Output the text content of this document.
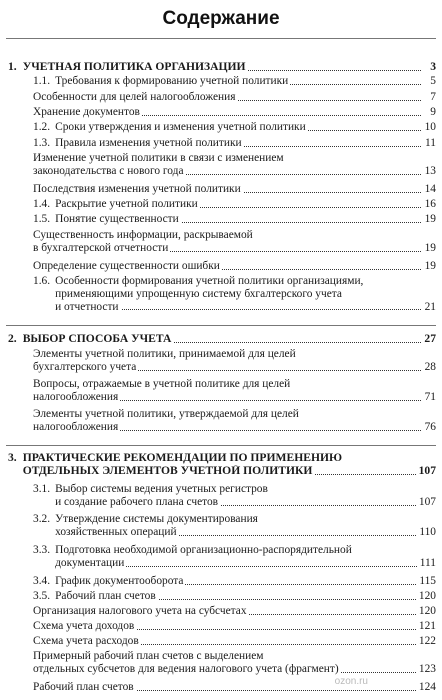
Содержание
1. УЧЕТНАЯ ПОЛИТИКА ОРГАНИЗАЦИИ	3
1.1. Требования к формированию учетной политики	5
Особенности для целей налогообложения	7
Хранение документов	9
1.2. Сроки утверждения и изменения учетной политики	10
1.3. Правила изменения учетной политики	11
Изменение учетной политики в связи с изменением
законодательства с нового года	13
Последствия изменения учетной политики	14
1.4. Раскрытие учетной политики	16
1.5. Понятие существенности	19
Существенность информации, раскрываемой
в бухгалтерской отчетности	19
Определение существенности ошибки	19
1.6. Особенности формирования учетной политики организациями,
применяющими упрощенную систему бхгалтерского учета
и отчетности	21
2. ВЫБОР СПОСОБА УЧЕТА	27
Элементы учетной политики, принимаемой для целей
бухгалтерского учета	28
Вопросы, отражаемые в учетной политике для целей
налогообложения	71
Элементы учетной политики, утверждаемой для целей
налогообложения	76
3. ПРАКТИЧЕСКИЕ РЕКОМЕНДАЦИИ ПО ПРИМЕНЕНИЮ
ОТДЕЛЬНЫХ ЭЛЕМЕНТОВ УЧЕТНОЙ ПОЛИТИКИ	107
3.1. Выбор системы ведения учетных регистров
и создание рабочего плана счетов	107
3.2. Утверждение системы документирования
хозяйственных операций	110
3.3. Подготовка необходимой организационно-распорядительной
документации	111
3.4. График документооборота	115
3.5. Рабочий план счетов	120
Организация налогового учета на субсчетах	120
Схема учета доходов	121
Схема учета расходов	122
Примерный рабочий план счетов с выделением
отдельных субсчетов для ведения налогового учета (фрагмент)	123
Рабочий план счетов	124
ozon.ru
